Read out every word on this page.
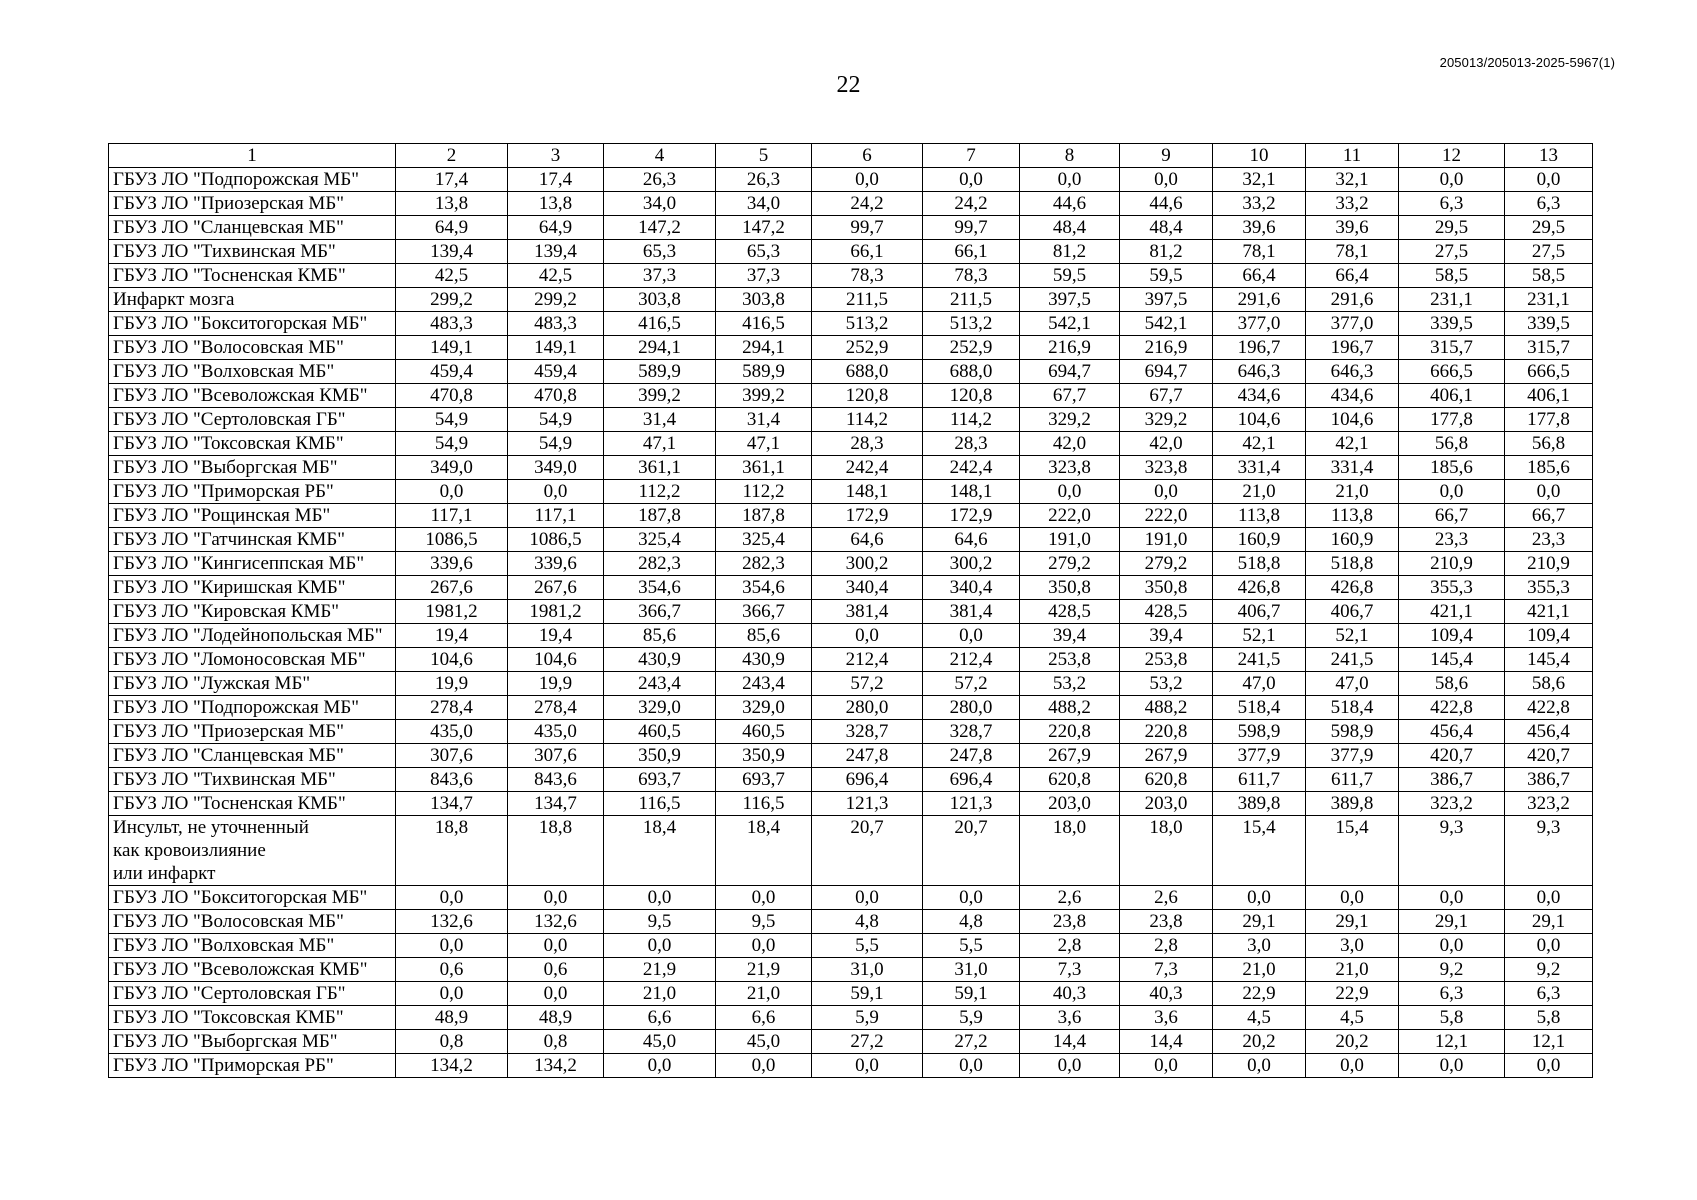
205013/205013-2025-5967(1)
22
1	2	3	4	5	6	7	8	9	10	11	12	13
ГБУЗ ЛО "Подпорожская МБ"	17,4	17,4	26,3	26,3	0,0	0,0	0,0	0,0	32,1	32,1	0,0	0,0
ГБУЗ ЛО "Приозерская МБ"	13,8	13,8	34,0	34,0	24,2	24,2	44,6	44,6	33,2	33,2	6,3	6,3
ГБУЗ ЛО "Сланцевская МБ"	64,9	64,9	147,2	147,2	99,7	99,7	48,4	48,4	39,6	39,6	29,5	29,5
ГБУЗ ЛО "Тихвинская МБ"	139,4	139,4	65,3	65,3	66,1	66,1	81,2	81,2	78,1	78,1	27,5	27,5
ГБУЗ ЛО "Тосненская КМБ"	42,5	42,5	37,3	37,3	78,3	78,3	59,5	59,5	66,4	66,4	58,5	58,5
Инфаркт мозга	299,2	299,2	303,8	303,8	211,5	211,5	397,5	397,5	291,6	291,6	231,1	231,1
ГБУЗ ЛО "Бокситогорская МБ"	483,3	483,3	416,5	416,5	513,2	513,2	542,1	542,1	377,0	377,0	339,5	339,5
ГБУЗ ЛО "Волосовская МБ"	149,1	149,1	294,1	294,1	252,9	252,9	216,9	216,9	196,7	196,7	315,7	315,7
ГБУЗ ЛО "Волховская МБ"	459,4	459,4	589,9	589,9	688,0	688,0	694,7	694,7	646,3	646,3	666,5	666,5
ГБУЗ ЛО "Всеволожская КМБ"	470,8	470,8	399,2	399,2	120,8	120,8	67,7	67,7	434,6	434,6	406,1	406,1
ГБУЗ ЛО "Сертоловская ГБ"	54,9	54,9	31,4	31,4	114,2	114,2	329,2	329,2	104,6	104,6	177,8	177,8
ГБУЗ ЛО "Токсовская КМБ"	54,9	54,9	47,1	47,1	28,3	28,3	42,0	42,0	42,1	42,1	56,8	56,8
ГБУЗ ЛО "Выборгская МБ"	349,0	349,0	361,1	361,1	242,4	242,4	323,8	323,8	331,4	331,4	185,6	185,6
ГБУЗ ЛО "Приморская РБ"	0,0	0,0	112,2	112,2	148,1	148,1	0,0	0,0	21,0	21,0	0,0	0,0
ГБУЗ ЛО "Рощинская МБ"	117,1	117,1	187,8	187,8	172,9	172,9	222,0	222,0	113,8	113,8	66,7	66,7
ГБУЗ ЛО "Гатчинская КМБ"	1086,5	1086,5	325,4	325,4	64,6	64,6	191,0	191,0	160,9	160,9	23,3	23,3
ГБУЗ ЛО "Кингисеппская МБ"	339,6	339,6	282,3	282,3	300,2	300,2	279,2	279,2	518,8	518,8	210,9	210,9
ГБУЗ ЛО "Киришская КМБ"	267,6	267,6	354,6	354,6	340,4	340,4	350,8	350,8	426,8	426,8	355,3	355,3
ГБУЗ ЛО "Кировская КМБ"	1981,2	1981,2	366,7	366,7	381,4	381,4	428,5	428,5	406,7	406,7	421,1	421,1
ГБУЗ ЛО "Лодейнопольская МБ"	19,4	19,4	85,6	85,6	0,0	0,0	39,4	39,4	52,1	52,1	109,4	109,4
ГБУЗ ЛО "Ломоносовская МБ"	104,6	104,6	430,9	430,9	212,4	212,4	253,8	253,8	241,5	241,5	145,4	145,4
ГБУЗ ЛО "Лужская МБ"	19,9	19,9	243,4	243,4	57,2	57,2	53,2	53,2	47,0	47,0	58,6	58,6
ГБУЗ ЛО "Подпорожская МБ"	278,4	278,4	329,0	329,0	280,0	280,0	488,2	488,2	518,4	518,4	422,8	422,8
ГБУЗ ЛО "Приозерская МБ"	435,0	435,0	460,5	460,5	328,7	328,7	220,8	220,8	598,9	598,9	456,4	456,4
ГБУЗ ЛО "Сланцевская МБ"	307,6	307,6	350,9	350,9	247,8	247,8	267,9	267,9	377,9	377,9	420,7	420,7
ГБУЗ ЛО "Тихвинская МБ"	843,6	843,6	693,7	693,7	696,4	696,4	620,8	620,8	611,7	611,7	386,7	386,7
ГБУЗ ЛО "Тосненская КМБ"	134,7	134,7	116,5	116,5	121,3	121,3	203,0	203,0	389,8	389,8	323,2	323,2
Инсульт, не уточненный
как кровоизлияние
или инфаркт	18,8	18,8	18,4	18,4	20,7	20,7	18,0	18,0	15,4	15,4	9,3	9,3
ГБУЗ ЛО "Бокситогорская МБ"	0,0	0,0	0,0	0,0	0,0	0,0	2,6	2,6	0,0	0,0	0,0	0,0
ГБУЗ ЛО "Волосовская МБ"	132,6	132,6	9,5	9,5	4,8	4,8	23,8	23,8	29,1	29,1	29,1	29,1
ГБУЗ ЛО "Волховская МБ"	0,0	0,0	0,0	0,0	5,5	5,5	2,8	2,8	3,0	3,0	0,0	0,0
ГБУЗ ЛО "Всеволожская КМБ"	0,6	0,6	21,9	21,9	31,0	31,0	7,3	7,3	21,0	21,0	9,2	9,2
ГБУЗ ЛО "Сертоловская ГБ"	0,0	0,0	21,0	21,0	59,1	59,1	40,3	40,3	22,9	22,9	6,3	6,3
ГБУЗ ЛО "Токсовская КМБ"	48,9	48,9	6,6	6,6	5,9	5,9	3,6	3,6	4,5	4,5	5,8	5,8
ГБУЗ ЛО "Выборгская МБ"	0,8	0,8	45,0	45,0	27,2	27,2	14,4	14,4	20,2	20,2	12,1	12,1
ГБУЗ ЛО "Приморская РБ"	134,2	134,2	0,0	0,0	0,0	0,0	0,0	0,0	0,0	0,0	0,0	0,0
